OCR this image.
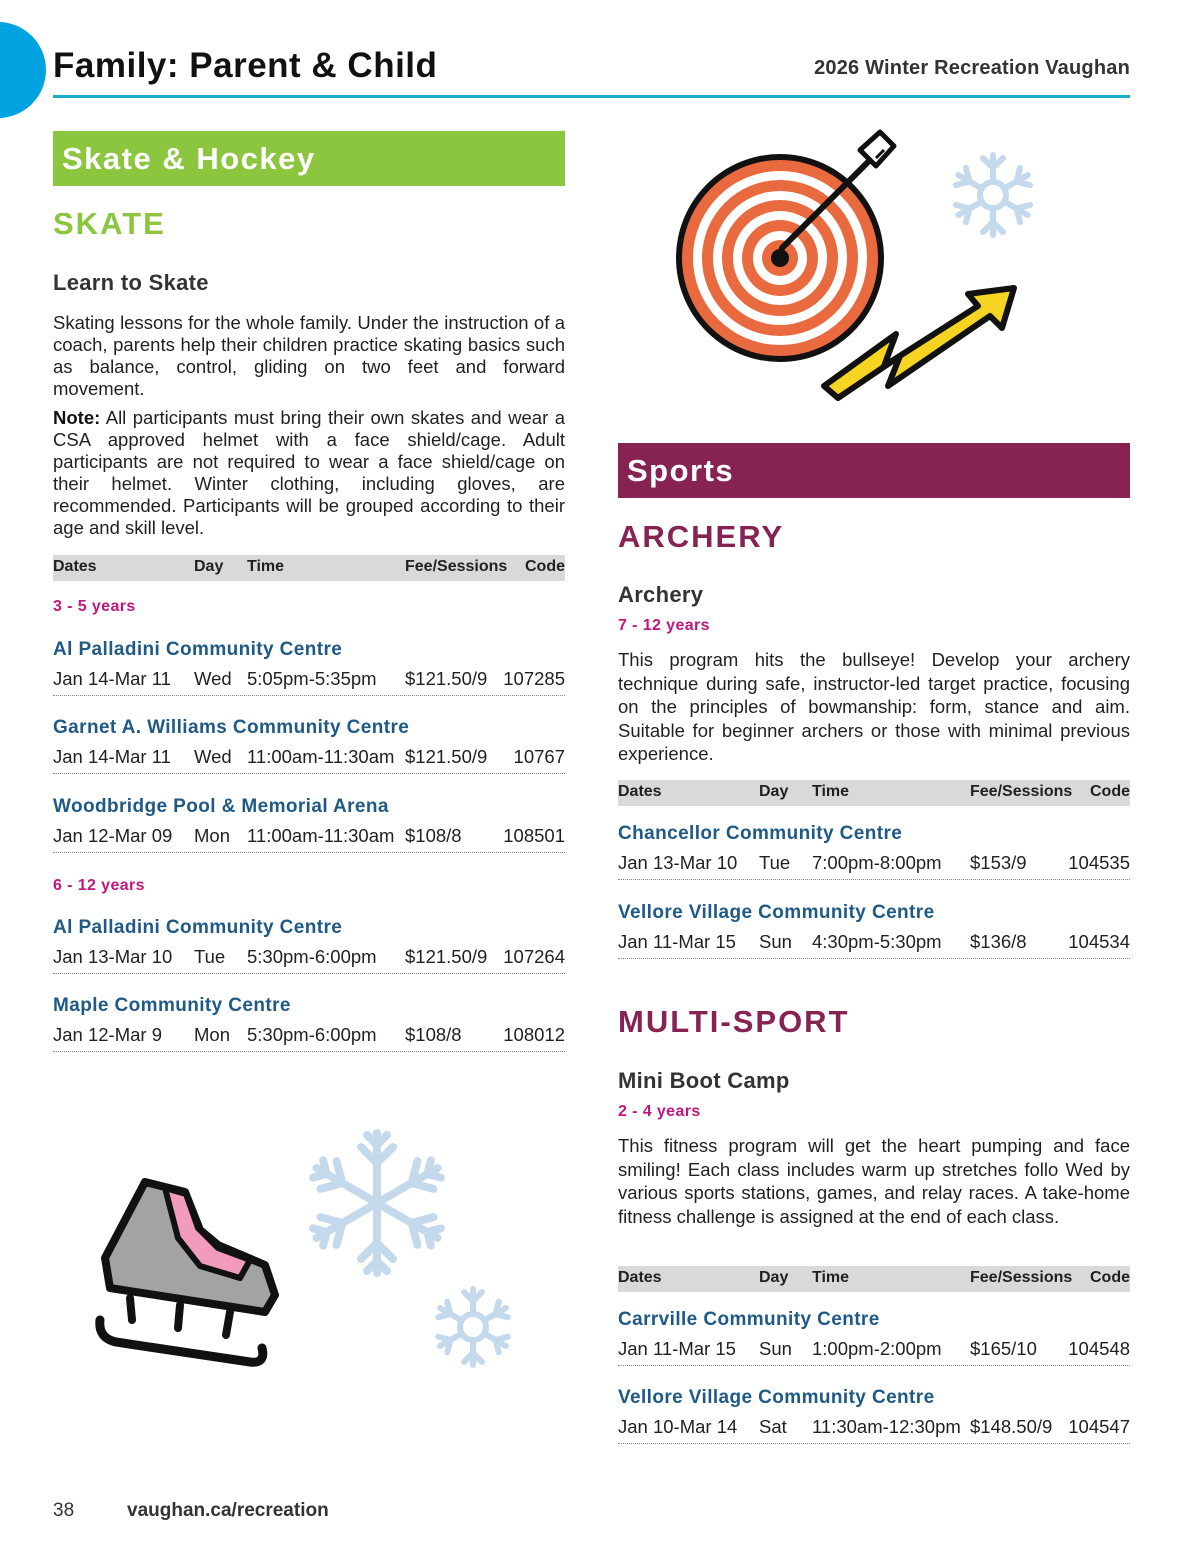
Family: Parent & Child	2026 Winter Recreation Vaughan
Skate & Hockey
SKATE
Learn to Skate
Skating lessons for the whole family. Under the instruction of a coach, parents help their children practice skating basics such as balance, control, gliding on two feet and forward movement.
Note: All participants must bring their own skates and wear a CSA approved helmet with a face shield/cage. Adult participants are not required to wear a face shield/cage on their helmet. Winter clothing, including gloves, are recommended. Participants will be grouped according to their age and skill level.
Dates	Day Time	Fee/Sessions Code
3 - 5 years
Al Palladini Community Centre
Jan 14-Mar 11 Wed 5:05pm-5:35pm $121.50/9 107285
Garnet A. Williams Community Centre
Jan 14-Mar 11 Wed 11:00am-11:30am $121.50/9 10767
Woodbridge Pool & Memorial Arena
Jan 12-Mar 09 Mon 11:00am-11:30am $108/8 108501
6 - 12 years
Al Palladini Community Centre
Jan 13-Mar 10 Tue 5:30pm-6:00pm $121.50/9 107264
Maple Community Centre
Jan 12-Mar 9 Mon 5:30pm-6:00pm $108/8 108012
Sports
ARCHERY
Archery
7 - 12 years
This program hits the bullseye! Develop your archery technique during safe, instructor-led target practice, focusing on the principles of bowmanship: form, stance and aim. Suitable for beginner archers or those with minimal previous experience.
Dates	Day Time	Fee/Sessions Code
Chancellor Community Centre
Jan 13-Mar 10 Tue 7:00pm-8:00pm $153/9 104535
Vellore Village Community Centre
Jan 11-Mar 15 Sun 4:30pm-5:30pm $136/8 104534
MULTI-SPORT
Mini Boot Camp
2 - 4 years
This fitness program will get the heart pumping and face smiling! Each class includes warm up stretches follo Wed by various sports stations, games, and relay races. A take-home fitness challenge is assigned at the end of each class.
Dates	Day Time	Fee/Sessions Code
Carrville Community Centre
Jan 11-Mar 15 Sun 1:00pm-2:00pm $165/10 104548
Vellore Village Community Centre
Jan 10-Mar 14 Sat 11:30am-12:30pm $148.50/9 104547
38	vaughan.ca/recreation
